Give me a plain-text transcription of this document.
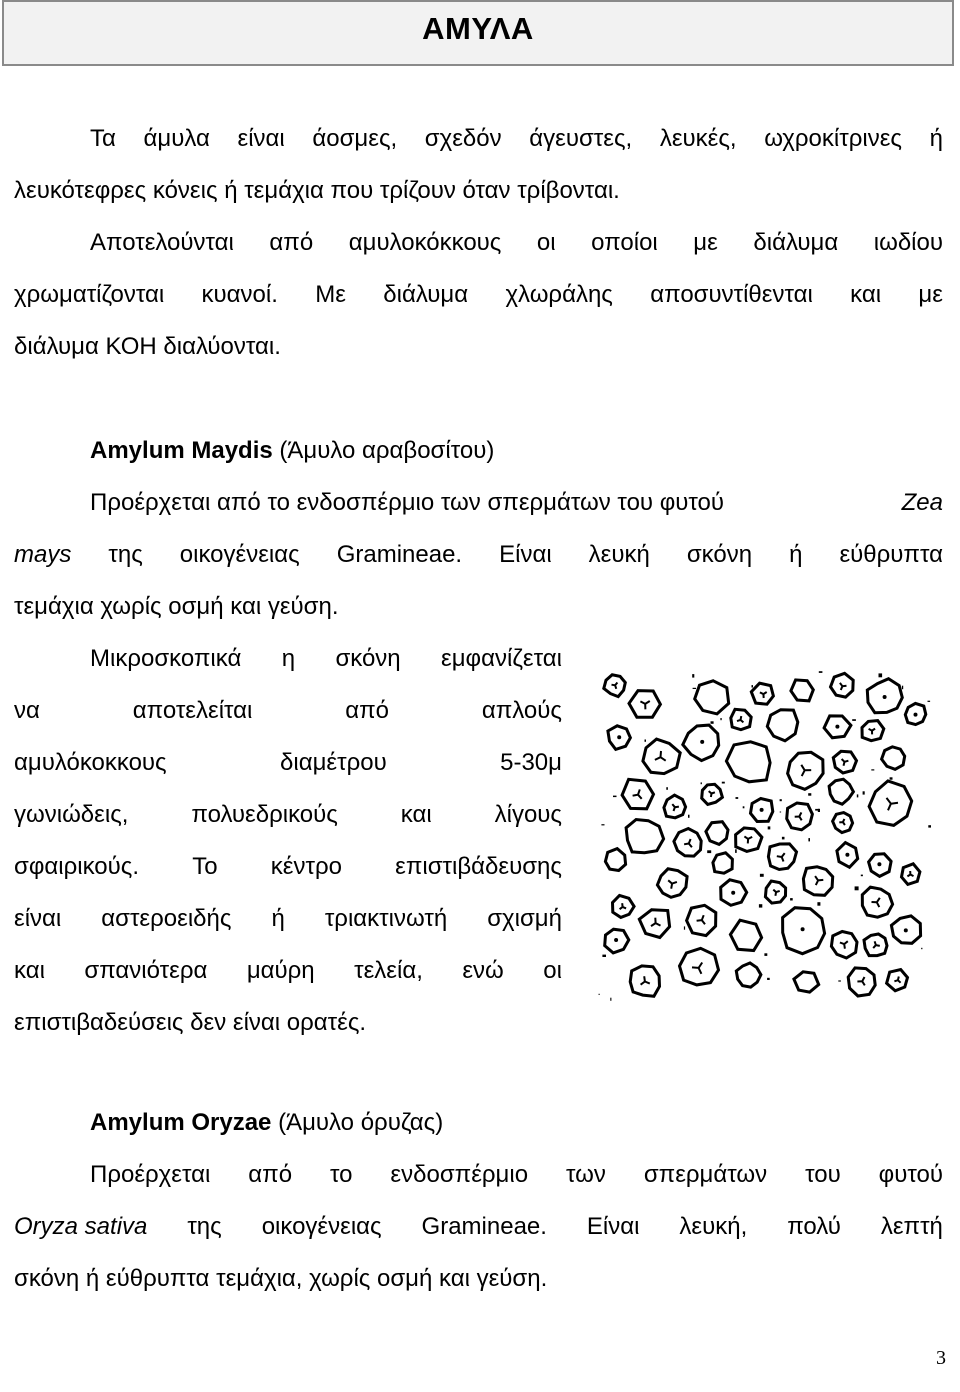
ΑΜΥΛΑ
Τα άμυλα είναι άοσμες, σχεδόν άγευστες, λευκές, ωχροκίτρινες ή
λευκότεφρες κόνεις ή τεμάχια που τρίζουν όταν τρίβονται.
Αποτελούνται από αμυλοκόκκους οι οποίοι με διάλυμα ιωδίου
χρωματίζονται κυανοί. Με διάλυμα χλωράλης αποσυντίθενται και με
διάλυμα ΚΟΗ διαλύονται.
Amylum Maydis (Άμυλο αραβοσίτου)
Προέρχεται από το ενδοσπέρμιο των σπερμάτων του φυτού	Zea
mays της οικογένειας Gramineae. Είναι λευκή σκόνη ή εύθρυπτα
τεμάχια χωρίς οσμή και γεύση.
Μικροσκοπικά η σκόνη εμφανίζεται
να	αποτελείται	από	απλούς
αμυλόκοκκους	διαμέτρου	5-30μ
γωνιώδεις,	πολυεδρικούς	και	λίγους
σφαιρικούς. Το κέντρο επιστιβάδευσης
είναι αστεροειδής ή τριακτινωτή σχισμή
και σπανιότερα μαύρη τελεία, ενώ οι
επιστιβαδεύσεις δεν είναι ορατές.
Amylum Oryzae (Άμυλο όρυζας)
Προέρχεται από το ενδοσπέρμιο των σπερμάτων του φυτού
Oryza sativa της οικογένειας Gramineae. Είναι λευκή, πολύ λεπτή
σκόνη ή εύθρυπτα τεμάχια, χωρίς οσμή και γεύση.
3
